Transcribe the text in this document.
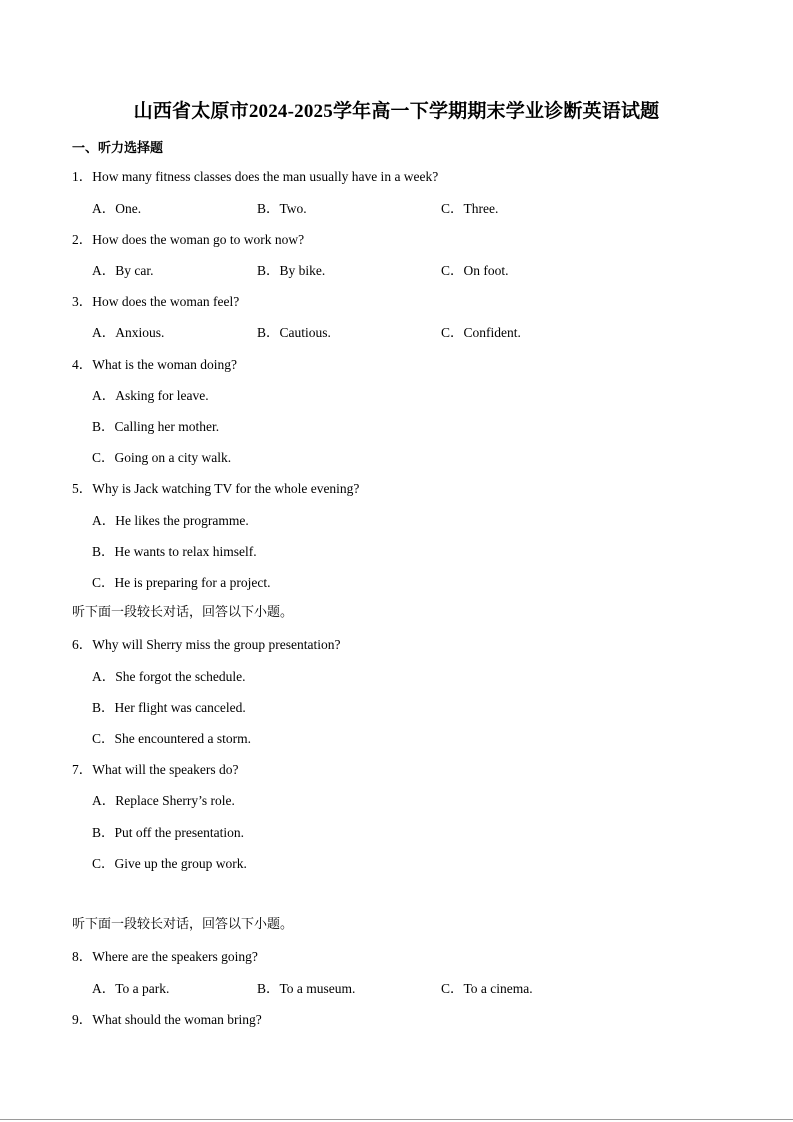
山西省太原市2024-2025学年高一下学期期末学业诊断英语试题
一、听力选择题
1．How many fitness classes does the man usually have in a week?
A．One.	B．Two.	C．Three.
2．How does the woman go to work now?
A．By car.	B．By bike.	C．On foot.
3．How does the woman feel?
A．Anxious.	B．Cautious.	C．Confident.
4．What is the woman doing?
A．Asking for leave.
B．Calling her mother.
C．Going on a city walk.
5．Why is Jack watching TV for the whole evening?
A．He likes the programme.
B．He wants to relax himself.
C．He is preparing for a project.
听下面一段较长对话，回答以下小题。
6．Why will Sherry miss the group presentation?
A．She forgot the schedule.
B．Her flight was canceled.
C．She encountered a storm.
7．What will the speakers do?
A．Replace Sherry’s role.
B．Put off the presentation.
C．Give up the group work.
听下面一段较长对话，回答以下小题。
8．Where are the speakers going?
A．To a park.	B．To a museum.	C．To a cinema.
9．What should the woman bring?
